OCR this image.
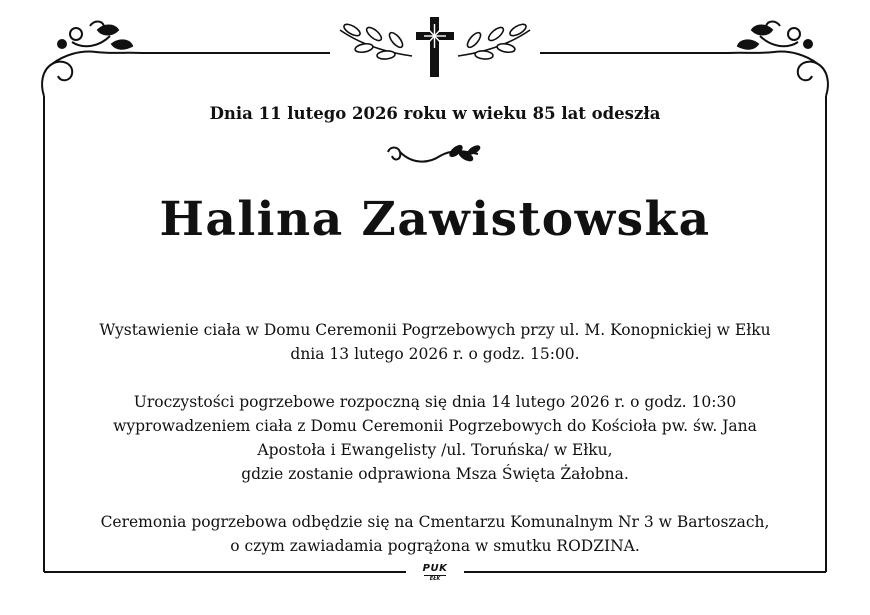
Dnia 11 lutego 2026 roku w wieku 85 lat odeszła
Halina Zawistowska
Wystawienie ciała w Domu Ceremonii Pogrzebowych przy ul. M. Konopnickiej w Ełku
dnia 13 lutego 2026 r. o godz. 15:00.
Uroczystości pogrzebowe rozpoczną się dnia 14 lutego 2026 r. o godz. 10:30
wyprowadzeniem ciała z Domu Ceremonii Pogrzebowych do Kościoła pw. św. Jana
Apostoła i Ewangelisty /ul. Toruńska/ w Ełku,
gdzie zostanie odprawiona Msza Święta Żałobna.
Ceremonia pogrzebowa odbędzie się na Cmentarzu Komunalnym Nr 3 w Bartoszach,
o czym zawiadamia pogrążona w smutku RODZINA.
PUK
EŁK
